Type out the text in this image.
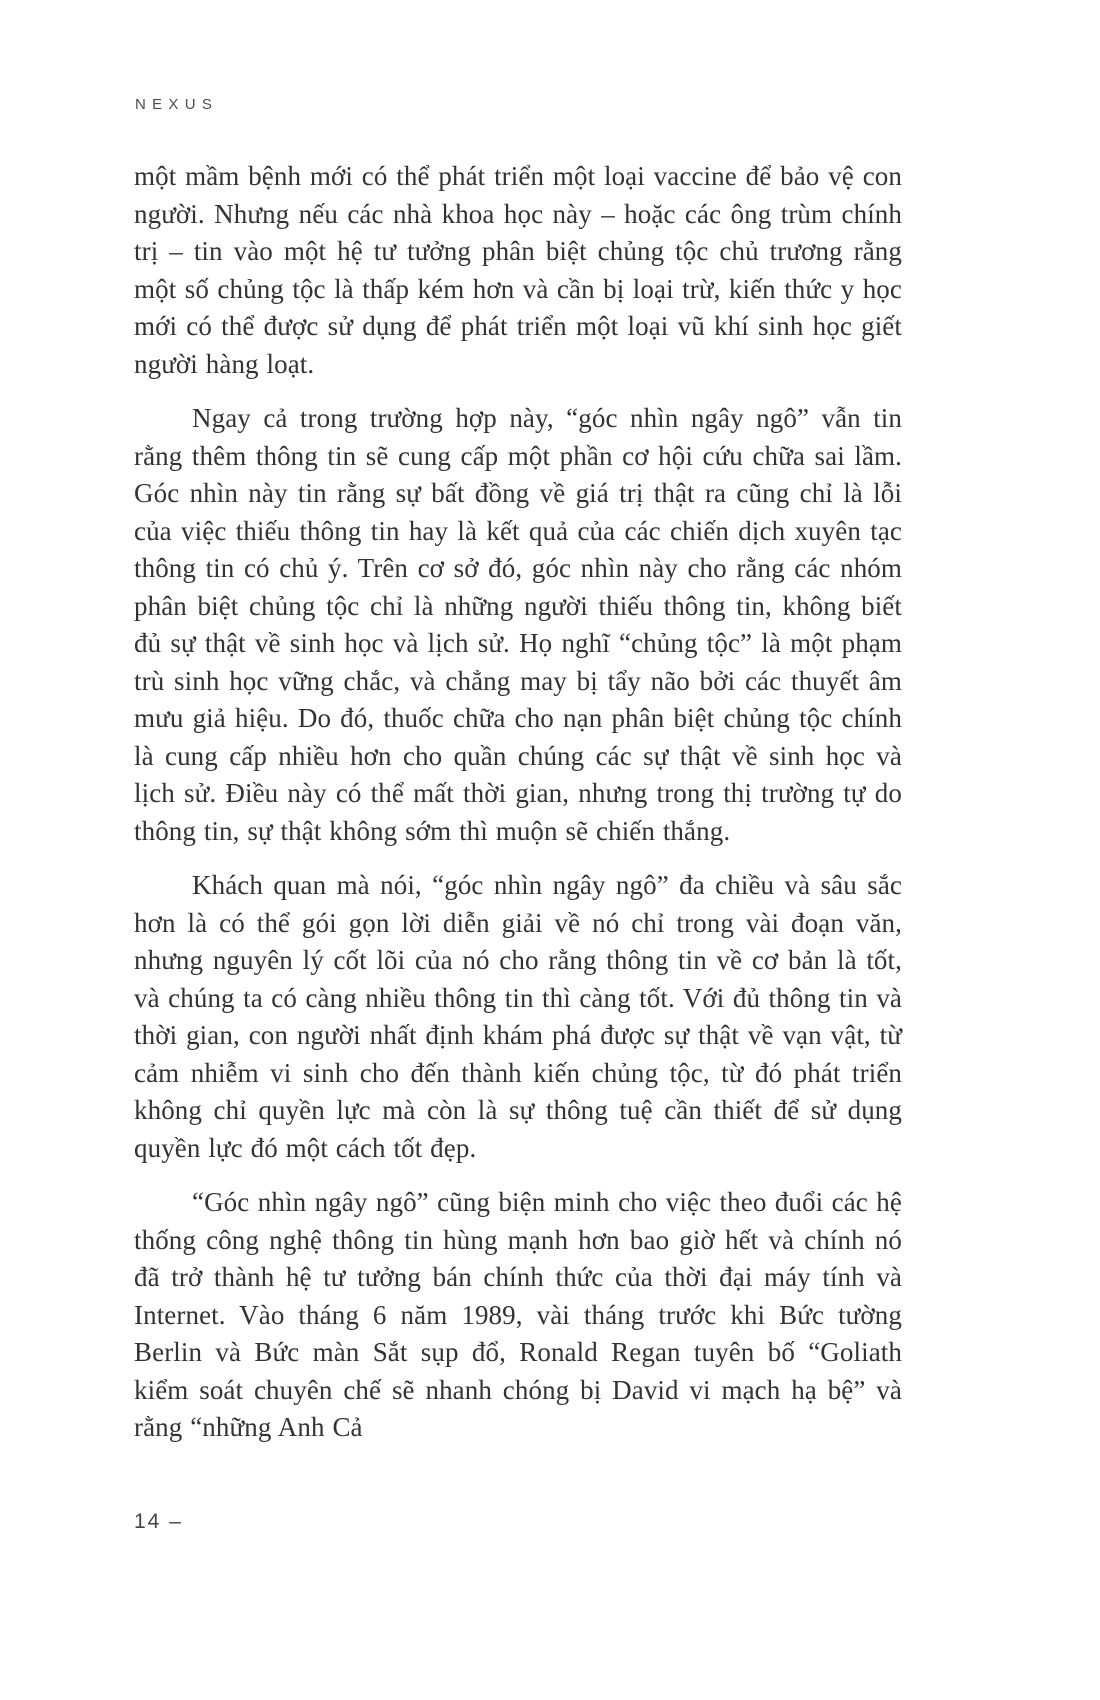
NEXUS

một mầm bệnh mới có thể phát triển một loại vaccine để bảo vệ con người. Nhưng nếu các nhà khoa học này – hoặc các ông trùm chính trị – tin vào một hệ tư tưởng phân biệt chủng tộc chủ trương rằng một số chủng tộc là thấp kém hơn và cần bị loại trừ, kiến thức y học mới có thể được sử dụng để phát triển một loại vũ khí sinh học giết người hàng loạt.

Ngay cả trong trường hợp này, “góc nhìn ngây ngô” vẫn tin rằng thêm thông tin sẽ cung cấp một phần cơ hội cứu chữa sai lầm. Góc nhìn này tin rằng sự bất đồng về giá trị thật ra cũng chỉ là lỗi của việc thiếu thông tin hay là kết quả của các chiến dịch xuyên tạc thông tin có chủ ý. Trên cơ sở đó, góc nhìn này cho rằng các nhóm phân biệt chủng tộc chỉ là những người thiếu thông tin, không biết đủ sự thật về sinh học và lịch sử. Họ nghĩ “chủng tộc” là một phạm trù sinh học vững chắc, và chẳng may bị tẩy não bởi các thuyết âm mưu giả hiệu. Do đó, thuốc chữa cho nạn phân biệt chủng tộc chính là cung cấp nhiều hơn cho quần chúng các sự thật về sinh học và lịch sử. Điều này có thể mất thời gian, nhưng trong thị trường tự do thông tin, sự thật không sớm thì muộn sẽ chiến thắng.

Khách quan mà nói, “góc nhìn ngây ngô” đa chiều và sâu sắc hơn là có thể gói gọn lời diễn giải về nó chỉ trong vài đoạn văn, nhưng nguyên lý cốt lõi của nó cho rằng thông tin về cơ bản là tốt, và chúng ta có càng nhiều thông tin thì càng tốt. Với đủ thông tin và thời gian, con người nhất định khám phá được sự thật về vạn vật, từ cảm nhiễm vi sinh cho đến thành kiến chủng tộc, từ đó phát triển không chỉ quyền lực mà còn là sự thông tuệ cần thiết để sử dụng quyền lực đó một cách tốt đẹp.

“Góc nhìn ngây ngô” cũng biện minh cho việc theo đuổi các hệ thống công nghệ thông tin hùng mạnh hơn bao giờ hết và chính nó đã trở thành hệ tư tưởng bán chính thức của thời đại máy tính và Internet. Vào tháng 6 năm 1989, vài tháng trước khi Bức tường Berlin và Bức màn Sắt sụp đổ, Ronald Regan tuyên bố “Goliath kiểm soát chuyên chế sẽ nhanh chóng bị David vi mạch hạ bệ” và rằng “những Anh Cả

14 –
